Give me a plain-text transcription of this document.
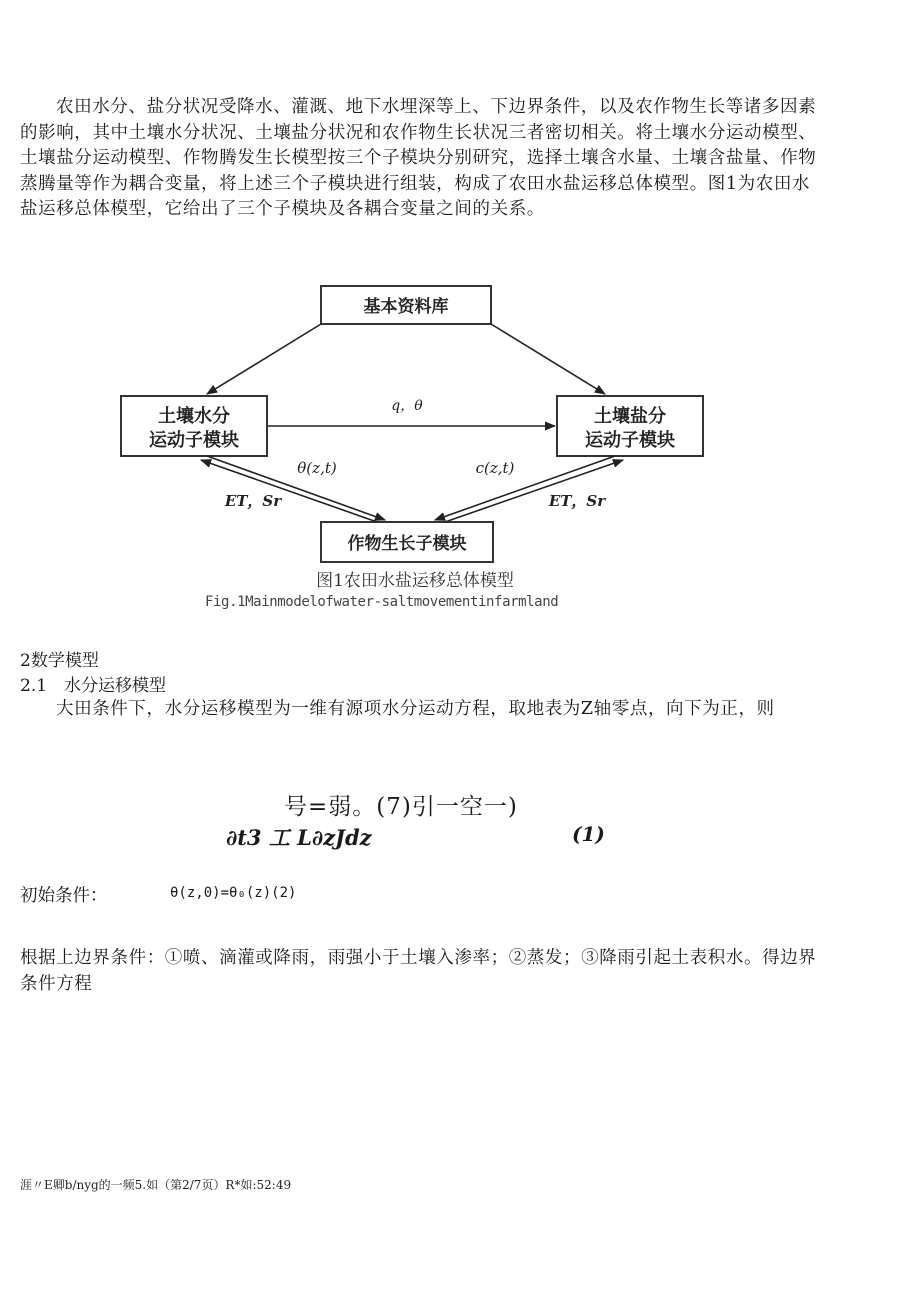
农田水分、盐分状况受降水、灌溉、地下水埋深等上、下边界条件，以及农作物生长等诸多因素的影响，其中土壤水分状况、土壤盐分状况和农作物生长状况三者密切相关。将土壤水分运动模型、土壤盐分运动模型、作物腾发生长模型按三个子模块分别研究，选择土壤含水量、土壤含盐量、作物蒸腾量等作为耦合变量，将上述三个子模块进行组装，构成了农田水盐运移总体模型。图1为农田水盐运移总体模型，它给出了三个子模块及各耦合变量之间的关系。
基本资料库
土壤水分
运动子模块
土壤盐分
运动子模块
作物生长子模块
q，θ
θ(z,t)	c(z,t)
ET，Sr	ET，Sr
图1农田水盐运移总体模型
Fig.1Mainmodelofwater-saltmovementinfarmland
2数学模型
2.1 水分运移模型
大田条件下，水分运移模型为一维有源项水分运动方程，取地表为Z轴零点，向下为正，则
号=弱。(7)引一空一)
∂t3 工 L∂zJdz	(1)
初始条件：	θ(z,0)=θ₀(z)(2)
根据上边界条件：①喷、滴灌或降雨，雨强小于土壤入渗率；②蒸发；③降雨引起土表积水。得边界条件方程
涯〃E卿b/nyg的一频5.如（第2/7页）R*如:52:49
